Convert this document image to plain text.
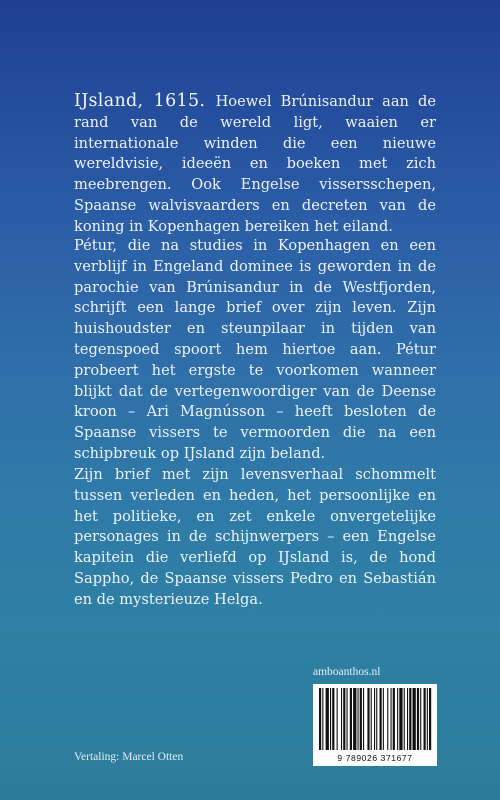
IJsland, 1615. Hoewel Brúnisandur aan de rand van de wereld ligt, waaien er internationale winden die een nieuwe wereldvisie, ideeën en boeken met zich meebrengen. Ook Engelse vissersschepen, Spaanse walvisvaarders en decreten van de koning in Kopenhagen bereiken het eiland.
Pétur, die na studies in Kopenhagen en een verblijf in Engeland dominee is geworden in de parochie van Brúnisandur in de Westfjorden, schrijft een lange brief over zijn leven. Zijn huishoudster en steunpilaar in tijden van tegenspoed spoort hem hiertoe aan. Pétur probeert het ergste te voorkomen wanneer blijkt dat de vertegenwoordiger van de Deense kroon – Ari Magnússon – heeft besloten de Spaanse vissers te vermoorden die na een schipbreuk op IJsland zijn beland.
Zijn brief met zijn levensverhaal schommelt tussen verleden en heden, het persoonlijke en het politieke, en zet enkele onvergetelijke personages in de schijnwerpers – een Engelse kapitein die verliefd op IJsland is, de hond Sappho, de Spaanse vissers Pedro en Sebastián en de mysterieuze Helga.
amboanthos.nl
9 789026 371677
Vertaling: Marcel Otten
